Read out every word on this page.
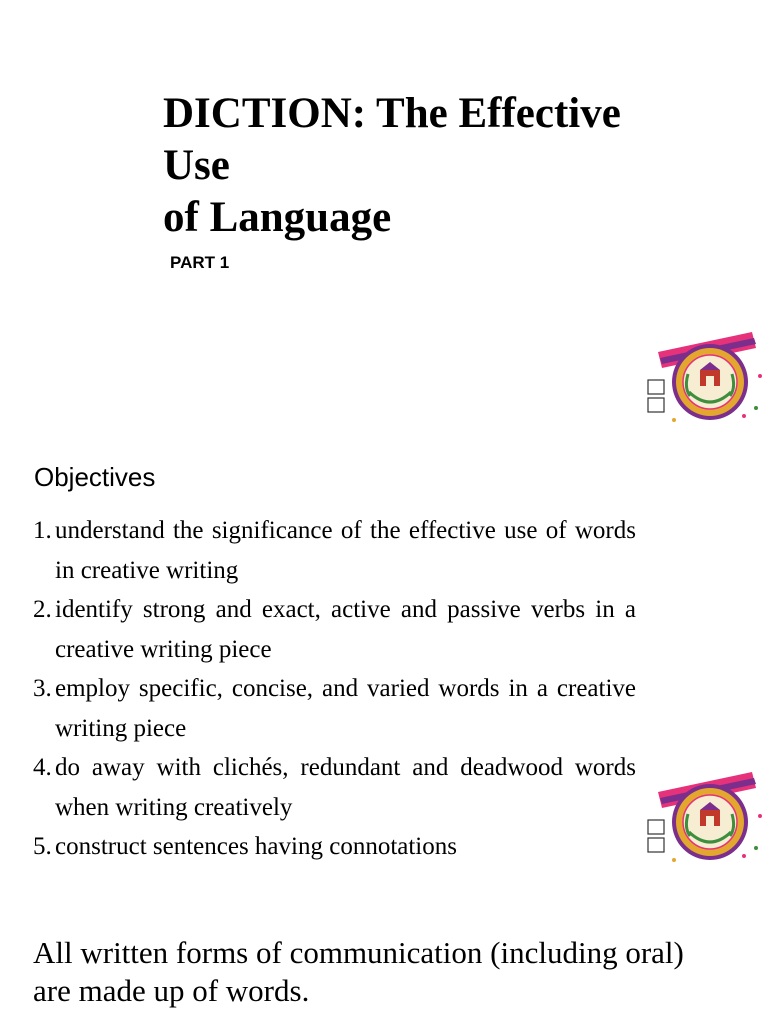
DICTION: The Effective
Use
of Language

PART 1

Objectives
1. understand the significance of the effective use of words in creative writing
2. identify strong and exact, active and passive verbs in a creative writing piece
3. employ specific, concise, and varied words in a creative writing piece
4. do away with clichés, redundant and deadwood words when writing creatively
5. construct sentences having connotations

All written forms of communication (including oral) are made up of words.
